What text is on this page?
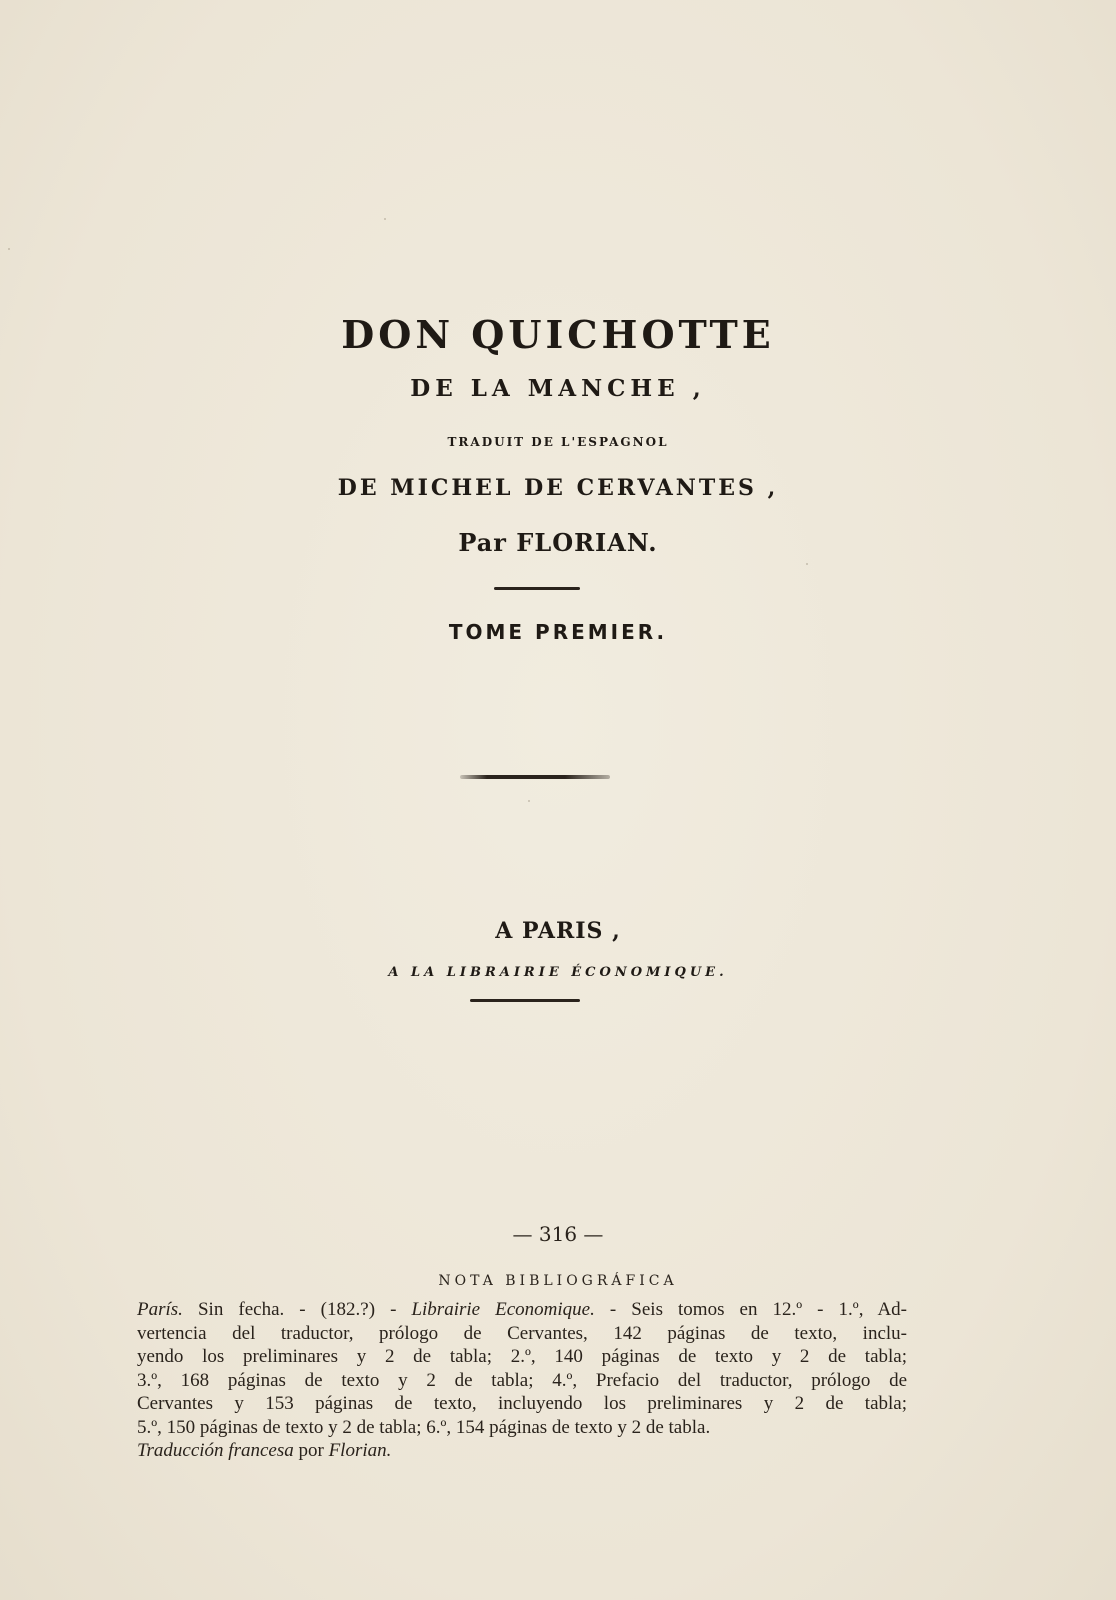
DON QUICHOTTE
DE LA MANCHE ,
TRADUIT DE L'ESPAGNOL
DE MICHEL DE CERVANTES ,
Par FLORIAN.
TOME PREMIER.
A PARIS ,
A LA LIBRAIRIE ÉCONOMIQUE.
— 316 —
NOTA BIBLIOGRÁFICA
París. Sin fecha. - (182.?) - Librairie Economique. - Seis tomos en 12.º - 1.º, Ad-
vertencia del traductor, prólogo de Cervantes, 142 páginas de texto, inclu-
yendo los preliminares y 2 de tabla; 2.º, 140 páginas de texto y 2 de tabla;
3.º, 168 páginas de texto y 2 de tabla; 4.º, Prefacio del traductor, prólogo de
Cervantes y 153 páginas de texto, incluyendo los preliminares y 2 de tabla;
5.º, 150 páginas de texto y 2 de tabla; 6.º, 154 páginas de texto y 2 de tabla.
Traducción francesa por Florian.
